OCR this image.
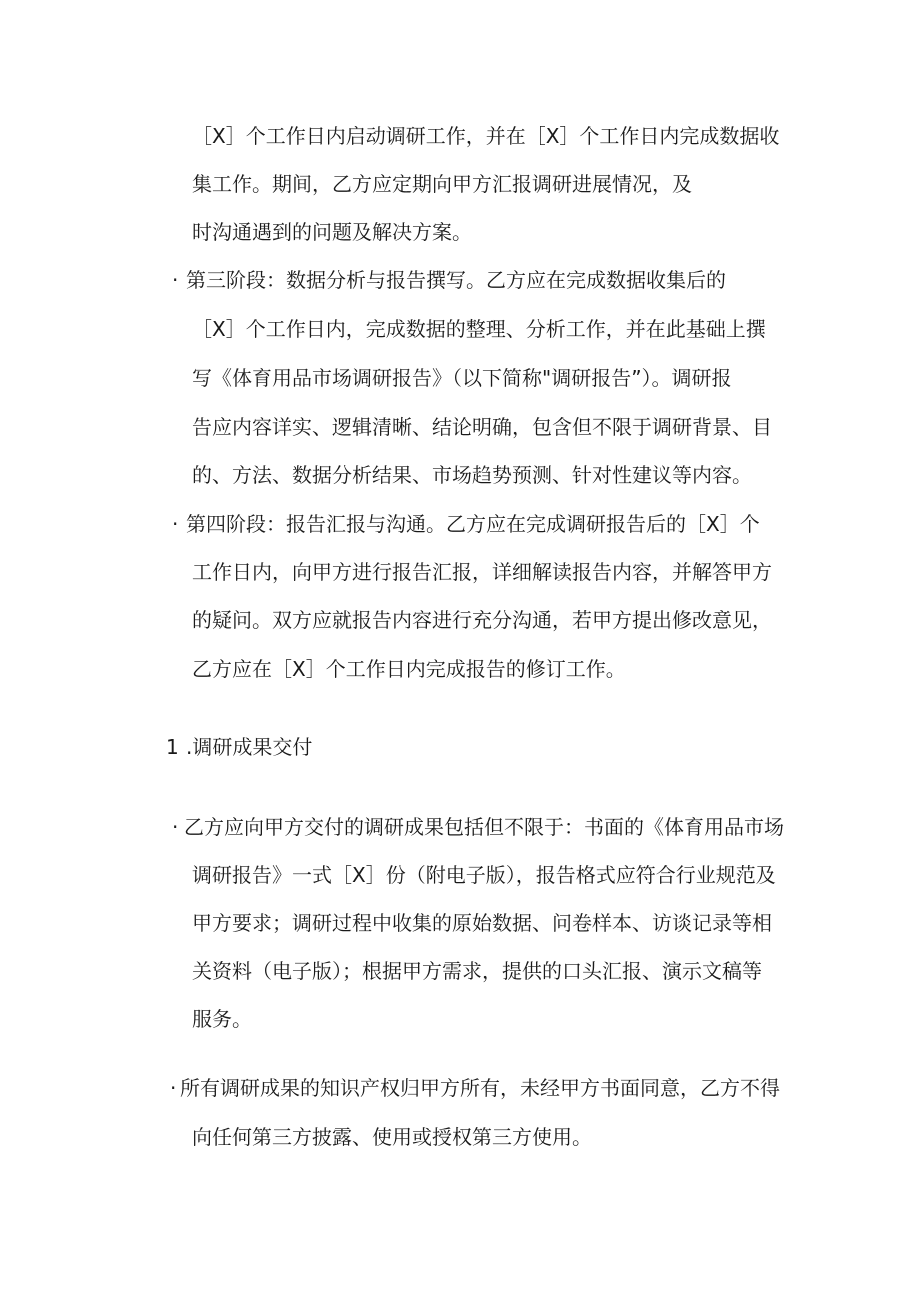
［X］个工作日内启动调研工作，并在［X］个工作日内完成数据收
集工作。期间，乙方应定期向甲方汇报调研进展情况，及
时沟通遇到的问题及解决方案。
· 第三阶段：数据分析与报告撰写。乙方应在完成数据收集后的
［X］个工作日内，完成数据的整理、分析工作，并在此基础上撰
写《体育用品市场调研报告》（以下简称"调研报告”）。调研报
告应内容详实、逻辑清晰、结论明确，包含但不限于调研背景、目
的、方法、数据分析结果、市场趋势预测、针对性建议等内容。
· 第四阶段：报告汇报与沟通。乙方应在完成调研报告后的［X］个
工作日内，向甲方进行报告汇报，详细解读报告内容，并解答甲方
的疑问。双方应就报告内容进行充分沟通，若甲方提出修改意见，
乙方应在［X］个工作日内完成报告的修订工作。
1 .调研成果交付
· 乙方应向甲方交付的调研成果包括但不限于：书面的《体育用品市场
调研报告》一式［X］份（附电子版），报告格式应符合行业规范及
甲方要求；调研过程中收集的原始数据、问卷样本、访谈记录等相
关资料（电子版）；根据甲方需求，提供的口头汇报、演示文稿等
服务。
· 所有调研成果的知识产权归甲方所有，未经甲方书面同意，乙方不得
向任何第三方披露、使用或授权第三方使用。
